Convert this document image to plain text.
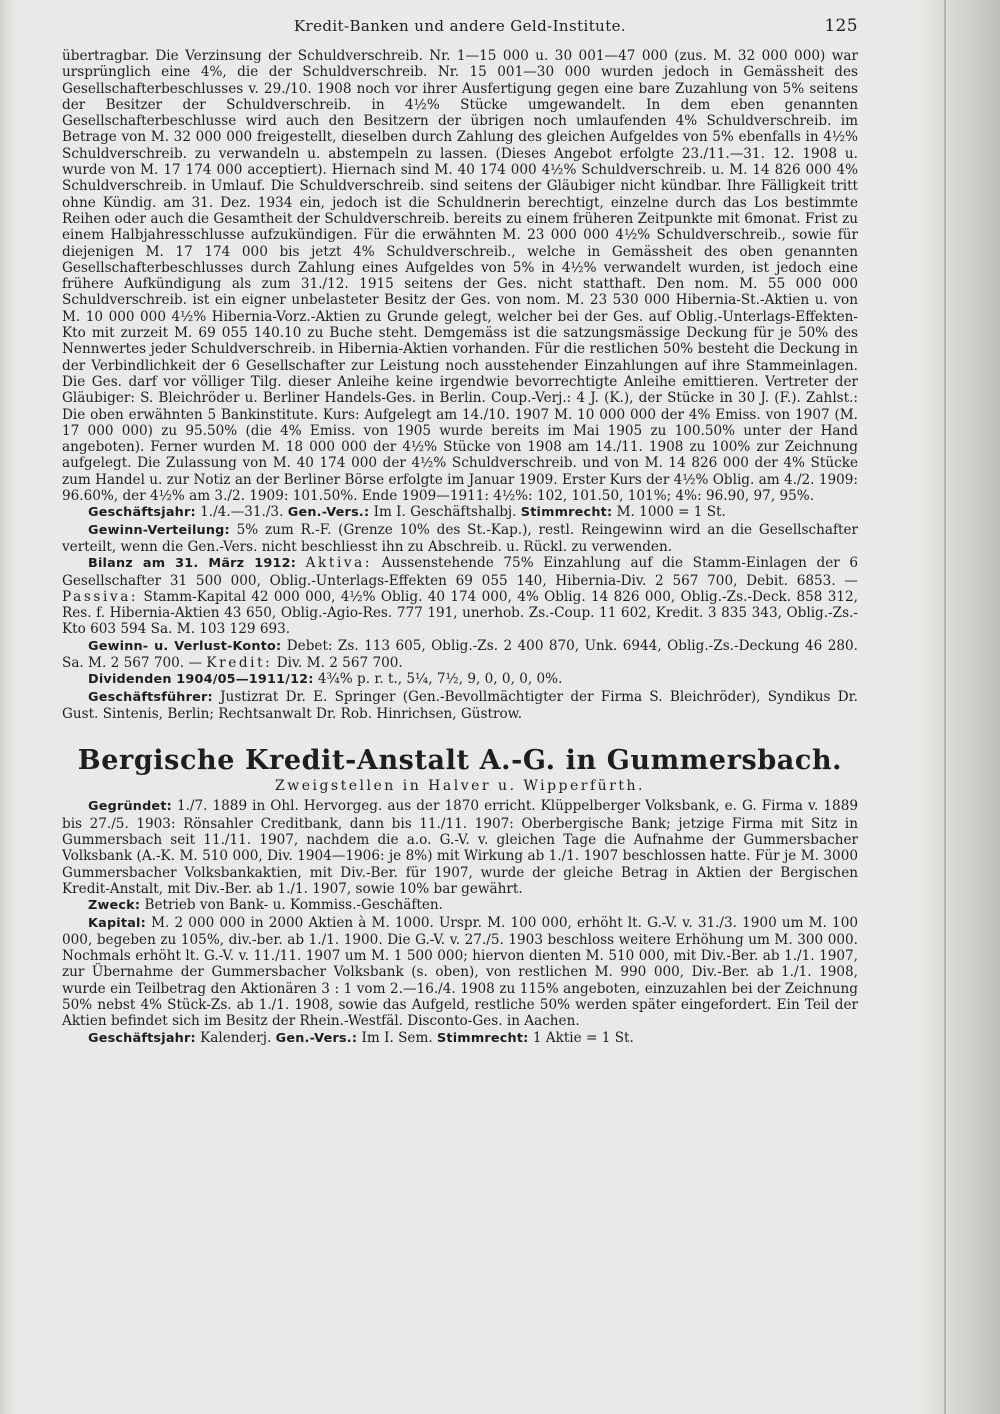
Kredit-Banken und andere Geld-Institute.	125

übertragbar. Die Verzinsung der Schuldverschreib. Nr. 1—15 000 u. 30 001—47 000 (zus. M. 32 000 000) war ursprünglich eine 4%, die der Schuldverschreib. Nr. 15 001—30 000 wurden jedoch in Gemässheit des Gesellschafterbeschlusses v. 29./10. 1908 noch vor ihrer Ausfertigung gegen eine bare Zuzahlung von 5% seitens der Besitzer der Schuldverschreib. in 4½% Stücke umgewandelt. In dem eben genannten Gesellschafterbeschlusse wird auch den Besitzern der übrigen noch umlaufenden 4% Schuldverschreib. im Betrage von M. 32 000 000 freigestellt, dieselben durch Zahlung des gleichen Aufgeldes von 5% ebenfalls in 4½% Schuldverschreib. zu verwandeln u. abstempeln zu lassen. (Dieses Angebot erfolgte 23./11.—31. 12. 1908 u. wurde von M. 17 174 000 acceptiert). Hiernach sind M. 40 174 000 4½% Schuldverschreib. u. M. 14 826 000 4% Schuldverschreib. in Umlauf. Die Schuldverschreib. sind seitens der Gläubiger nicht kündbar. Ihre Fälligkeit tritt ohne Kündig. am 31. Dez. 1934 ein, jedoch ist die Schuldnerin berechtigt, einzelne durch das Los bestimmte Reihen oder auch die Gesamtheit der Schuldverschreib. bereits zu einem früheren Zeitpunkte mit 6monat. Frist zu einem Halbjahresschlusse aufzukündigen. Für die erwähnten M. 23 000 000 4½% Schuldverschreib., sowie für diejenigen M. 17 174 000 bis jetzt 4% Schuldverschreib., welche in Gemässheit des oben genannten Gesellschafterbeschlusses durch Zahlung eines Aufgeldes von 5% in 4½% verwandelt wurden, ist jedoch eine frühere Aufkündigung als zum 31./12. 1915 seitens der Ges. nicht statthaft. Den nom. M. 55 000 000 Schuldverschreib. ist ein eigner unbelasteter Besitz der Ges. von nom. M. 23 530 000 Hibernia-St.-Aktien u. von M. 10 000 000 4½% Hibernia-Vorz.-Aktien zu Grunde gelegt, welcher bei der Ges. auf Oblig.-Unterlags-Effekten-Kto mit zurzeit M. 69 055 140.10 zu Buche steht. Demgemäss ist die satzungsmässige Deckung für je 50% des Nennwertes jeder Schuldverschreib. in Hibernia-Aktien vorhanden. Für die restlichen 50% besteht die Deckung in der Verbindlichkeit der 6 Gesellschafter zur Leistung noch ausstehender Einzahlungen auf ihre Stammeinlagen. Die Ges. darf vor völliger Tilg. dieser Anleihe keine irgendwie bevorrechtigte Anleihe emittieren. Vertreter der Gläubiger: S. Bleichröder u. Berliner Handels-Ges. in Berlin. Coup.-Verj.: 4 J. (K.), der Stücke in 30 J. (F.). Zahlst.: Die oben erwähnten 5 Bankinstitute. Kurs: Aufgelegt am 14./10. 1907 M. 10 000 000 der 4% Emiss. von 1907 (M. 17 000 000) zu 95.50% (die 4% Emiss. von 1905 wurde bereits im Mai 1905 zu 100.50% unter der Hand angeboten). Ferner wurden M. 18 000 000 der 4½% Stücke von 1908 am 14./11. 1908 zu 100% zur Zeichnung aufgelegt. Die Zulassung von M. 40 174 000 der 4½% Schuldverschreib. und von M. 14 826 000 der 4% Stücke zum Handel u. zur Notiz an der Berliner Börse erfolgte im Januar 1909. Erster Kurs der 4½% Oblig. am 4./2. 1909: 96.60%, der 4½% am 3./2. 1909: 101.50%. Ende 1909—1911: 4½%: 102, 101.50, 101%; 4%: 96.90, 97, 95%.

Geschäftsjahr: 1./4.—31./3. Gen.-Vers.: Im I. Geschäftshalbj. Stimmrecht: M. 1000 = 1 St.

Gewinn-Verteilung: 5% zum R.-F. (Grenze 10% des St.-Kap.), restl. Reingewinn wird an die Gesellschafter verteilt, wenn die Gen.-Vers. nicht beschliesst ihn zu Abschreib. u. Rückl. zu verwenden.

Bilanz am 31. März 1912: Aktiva: Aussenstehende 75% Einzahlung auf die Stamm-Einlagen der 6 Gesellschafter 31 500 000, Oblig.-Unterlags-Effekten 69 055 140, Hibernia-Div. 2 567 700, Debit. 6853. — Passiva: Stamm-Kapital 42 000 000, 4½% Oblig. 40 174 000, 4% Oblig. 14 826 000, Oblig.-Zs.-Deck. 858 312, Res. f. Hibernia-Aktien 43 650, Oblig.-Agio-Res. 777 191, unerhob. Zs.-Coup. 11 602, Kredit. 3 835 343, Oblig.-Zs.-Kto 603 594 Sa. M. 103 129 693.

Gewinn- u. Verlust-Konto: Debet: Zs. 113 605, Oblig.-Zs. 2 400 870, Unk. 6944, Oblig.-Zs.-Deckung 46 280. Sa. M. 2 567 700. — Kredit: Div. M. 2 567 700.

Dividenden 1904/05—1911/12: 4¾% p. r. t., 5¼, 7½, 9, 0, 0, 0, 0%.

Geschäftsführer: Justizrat Dr. E. Springer (Gen.-Bevollmächtigter der Firma S. Bleichröder), Syndikus Dr. Gust. Sintenis, Berlin; Rechtsanwalt Dr. Rob. Hinrichsen, Güstrow.

Bergische Kredit-Anstalt A.-G. in Gummersbach.
Zweigstellen in Halver u. Wipperfürth.

Gegründet: 1./7. 1889 in Ohl. Hervorgeg. aus der 1870 erricht. Klüppelberger Volksbank, e. G. Firma v. 1889 bis 27./5. 1903: Rönsahler Creditbank, dann bis 11./11. 1907: Oberbergische Bank; jetzige Firma mit Sitz in Gummersbach seit 11./11. 1907, nachdem die a.o. G.-V. v. gleichen Tage die Aufnahme der Gummersbacher Volksbank (A.-K. M. 510 000, Div. 1904—1906: je 8%) mit Wirkung ab 1./1. 1907 beschlossen hatte. Für je M. 3000 Gummersbacher Volksbankaktien, mit Div.-Ber. für 1907, wurde der gleiche Betrag in Aktien der Bergischen Kredit-Anstalt, mit Div.-Ber. ab 1./1. 1907, sowie 10% bar gewährt.

Zweck: Betrieb von Bank- u. Kommiss.-Geschäften.

Kapital: M. 2 000 000 in 2000 Aktien à M. 1000. Urspr. M. 100 000, erhöht lt. G.-V. v. 31./3. 1900 um M. 100 000, begeben zu 105%, div.-ber. ab 1./1. 1900. Die G.-V. v. 27./5. 1903 beschloss weitere Erhöhung um M. 300 000. Nochmals erhöht lt. G.-V. v. 11./11. 1907 um M. 1 500 000; hiervon dienten M. 510 000, mit Div.-Ber. ab 1./1. 1907, zur Übernahme der Gummersbacher Volksbank (s. oben), von restlichen M. 990 000, Div.-Ber. ab 1./1. 1908, wurde ein Teilbetrag den Aktionären 3 : 1 vom 2.—16./4. 1908 zu 115% angeboten, einzuzahlen bei der Zeichnung 50% nebst 4% Stück-Zs. ab 1./1. 1908, sowie das Aufgeld, restliche 50% werden später eingefordert. Ein Teil der Aktien befindet sich im Besitz der Rhein.-Westfäl. Disconto-Ges. in Aachen.

Geschäftsjahr: Kalenderj. Gen.-Vers.: Im I. Sem. Stimmrecht: 1 Aktie = 1 St.
